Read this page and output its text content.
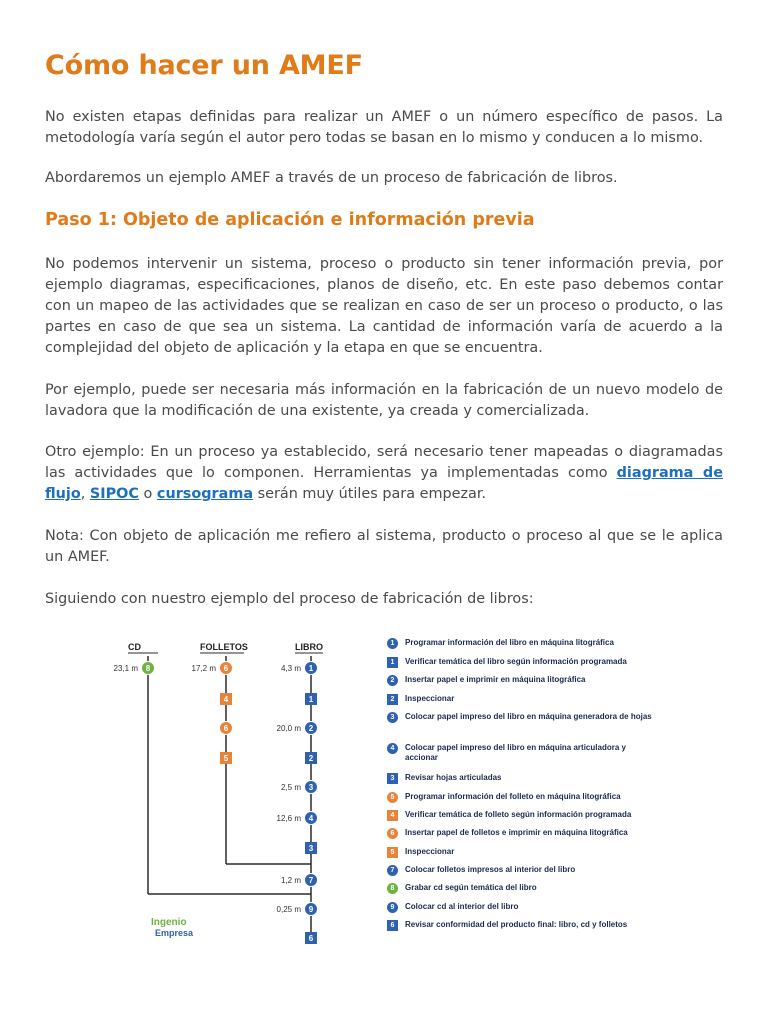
Cómo hacer un AMEF

No existen etapas definidas para realizar un AMEF o un número específico de pasos. La metodología varía según el autor pero todas se basan en lo mismo y conducen a lo mismo.

Abordaremos un ejemplo AMEF a través de un proceso de fabricación de libros.

Paso 1: Objeto de aplicación e información previa

No podemos intervenir un sistema, proceso o producto sin tener información previa, por ejemplo diagramas, especificaciones, planos de diseño, etc. En este paso debemos contar con un mapeo de las actividades que se realizan en caso de ser un proceso o producto, o las partes en caso de que sea un sistema. La cantidad de información varía de acuerdo a la complejidad del objeto de aplicación y la etapa en que se encuentra.

Por ejemplo, puede ser necesaria más información en la fabricación de un nuevo modelo de lavadora que la modificación de una existente, ya creada y comercializada.

Otro ejemplo: En un proceso ya establecido, será necesario tener mapeadas o diagramadas las actividades que lo componen. Herramientas ya implementadas como diagrama de flujo, SIPOC o cursograma serán muy útiles para empezar.

Nota: Con objeto de aplicación me refiero al sistema, producto o proceso al que se le aplica un AMEF.

Siguiendo con nuestro ejemplo del proceso de fabricación de libros:

CD	FOLLETOS	LIBRO
1
4,3 m
1
2
20,0 m
2
3
2,5 m
4
12,6 m
3
7
1,2 m
9
0,25 m
6
6
17,2 m
4
6
5
8
23,1 m
1	Programar información del libro en máquina litográfica
1	Verificar temática del libro según información programada
2	Insertar papel e imprimir en máquina litográfica
2	Inspeccionar
3	Colocar papel impreso del libro en máquina generadora de hojas
4	Colocar papel impreso del libro en máquina articuladora y accionar
3	Revisar hojas articuladas
5	Programar información del folleto en máquina litográfica
4	Verificar temática de folleto según información programada
6	Insertar papel de folletos e imprimir en máquina litográfica
5	Inspeccionar
7	Colocar folletos impresos al interior del libro
8	Grabar cd según temática del libro
9	Colocar cd al interior del libro
6	Revisar conformidad del producto final: libro, cd y folletos
Ingenio
Empresa
